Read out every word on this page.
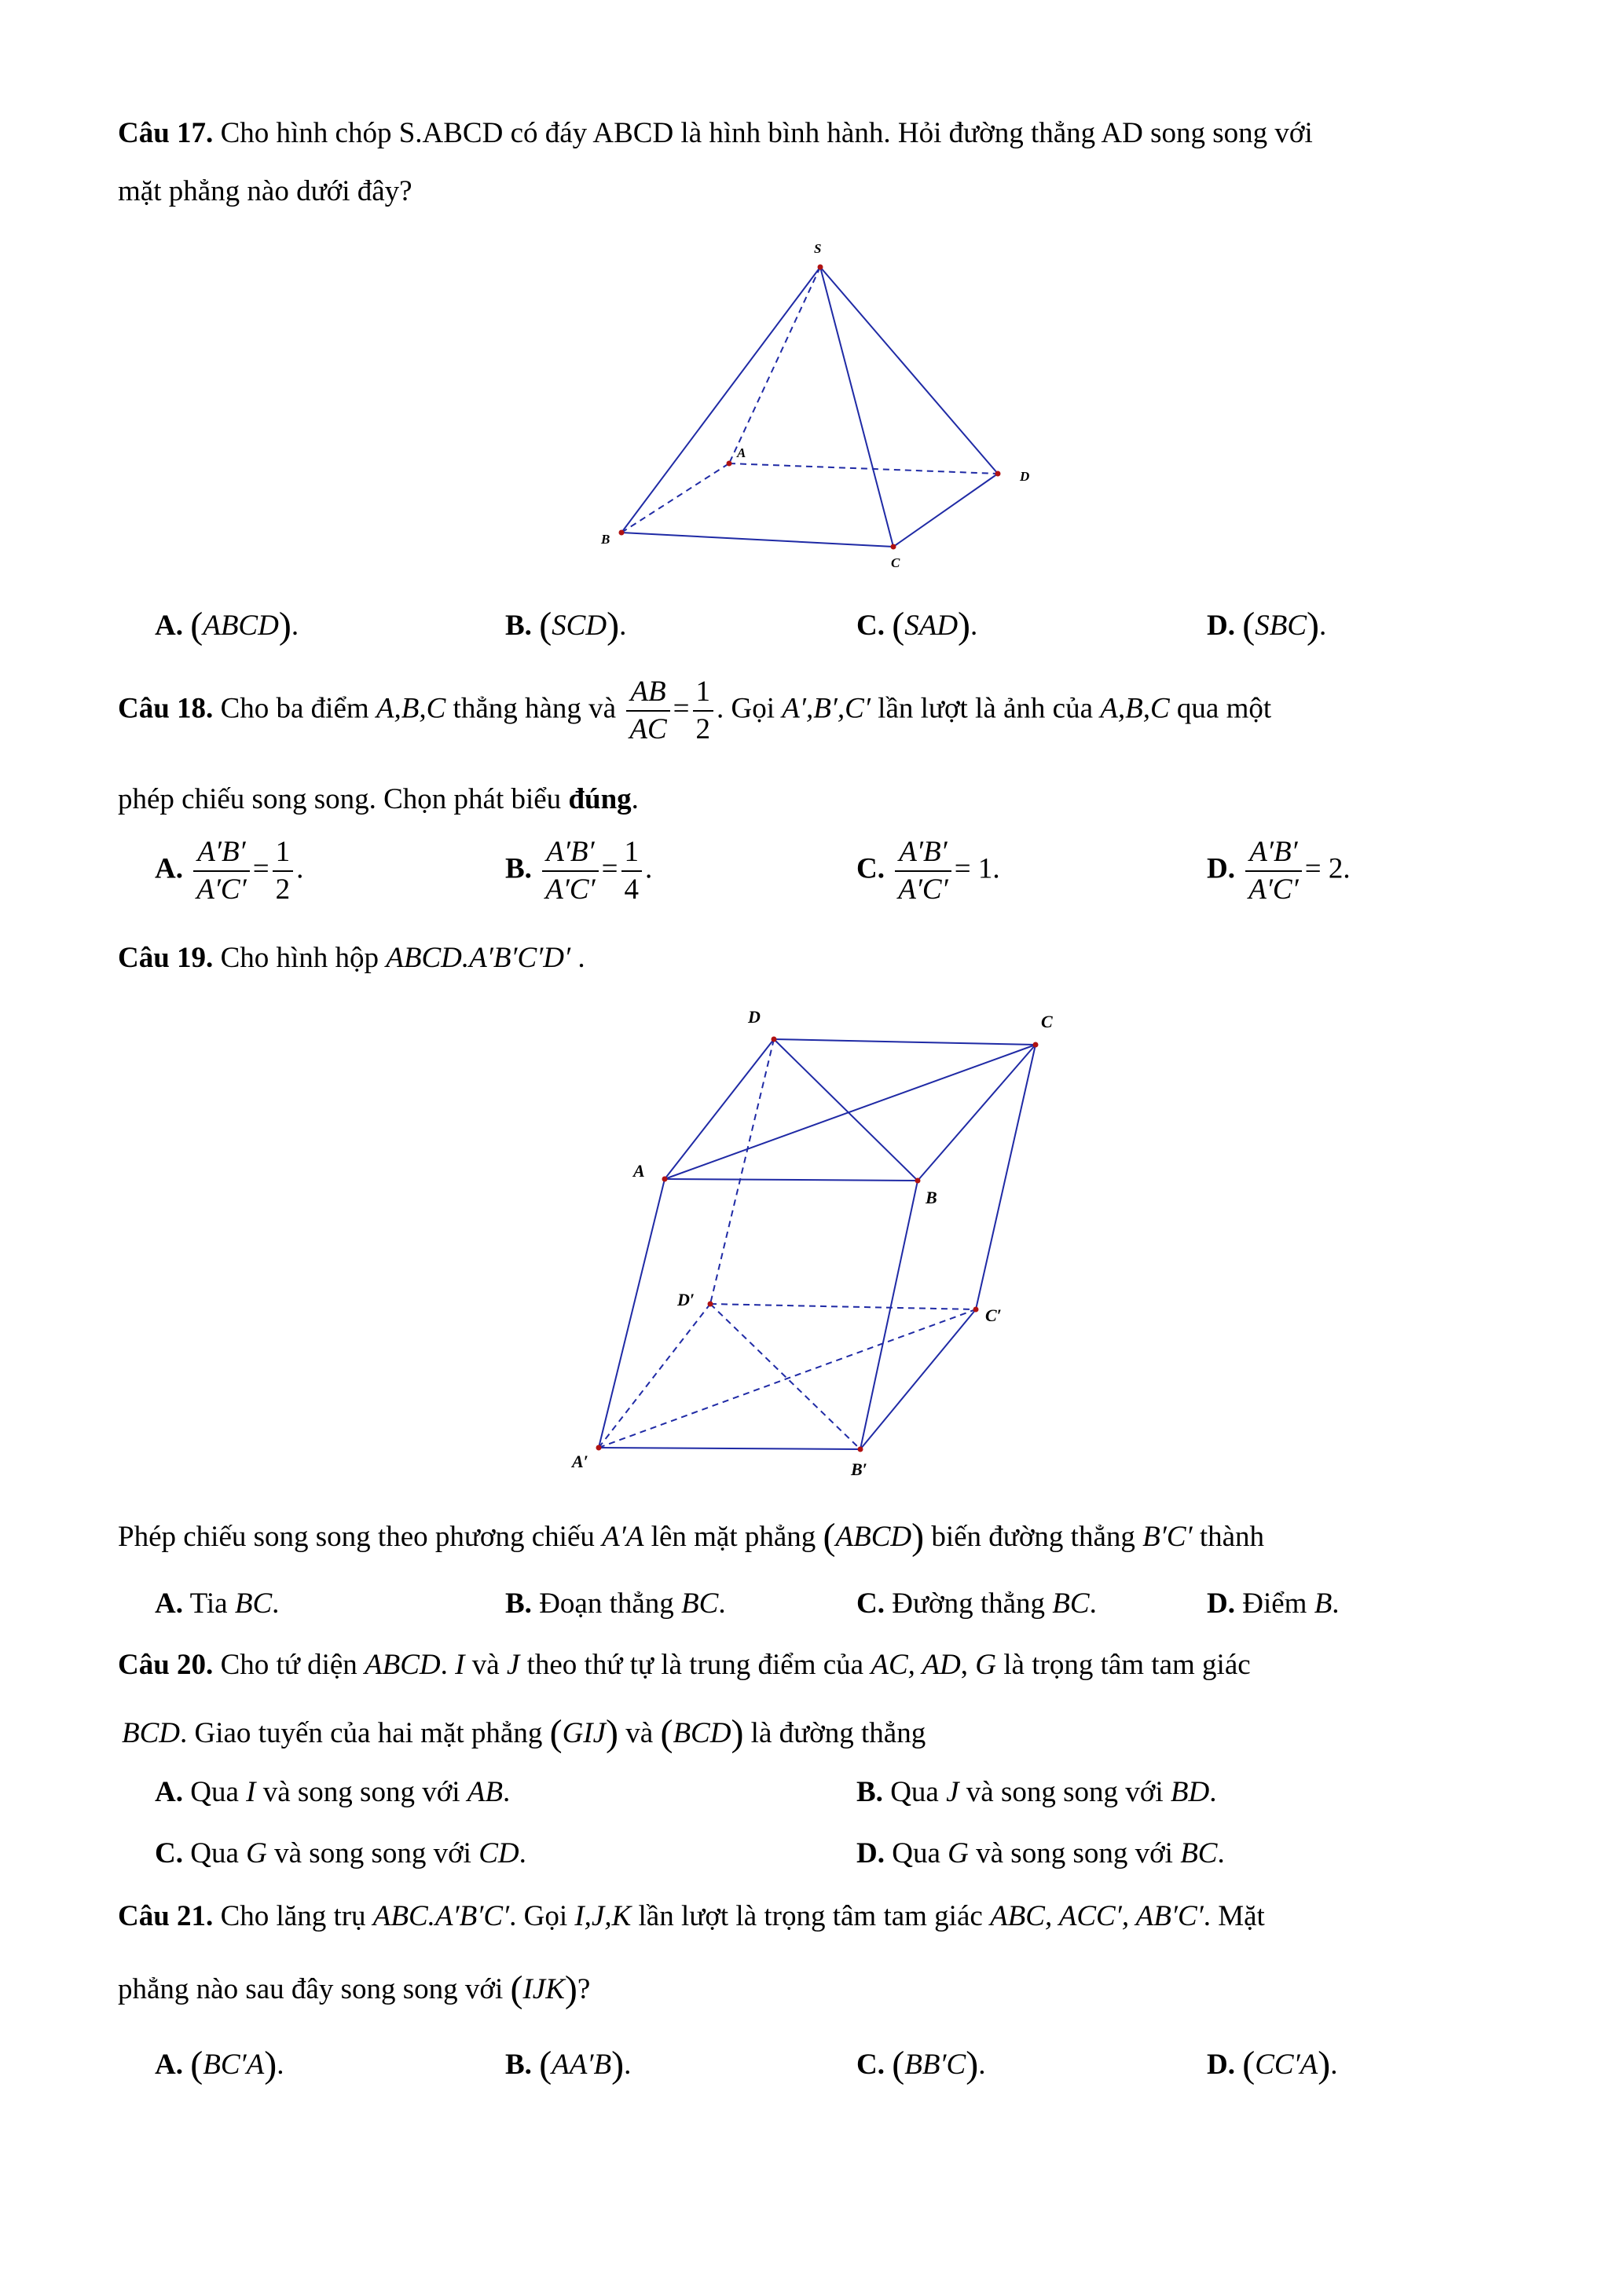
Câu 17. Cho hình chóp S.ABCD có đáy ABCD là hình bình hành. Hỏi đường thẳng AD song song với
mặt phẳng nào dưới đây?
S
A
B
C
D
A. (ABCD).	B. (SCD).	C. (SAD).	D. (SBC).
Câu 18. Cho ba điểm A,B,C thẳng hàng và $\frac{AB}{AC} = \frac{1}{2}$ . Gọi A′,B′,C′ lần lượt là ảnh của A,B,C qua một
phép chiếu song song. Chọn phát biểu đúng.
A. $\frac{A'B'}{A'C'} = \frac{1}{2}$ .	B. $\frac{A'B'}{A'C'} = \frac{1}{4}$ .	C. $\frac{A'B'}{A'C'} = 1$.	D. $\frac{A'B'}{A'C'} = 2$.
Câu 19. Cho hình hộp ABCD.A′B′C′D′ .
D	C
A
B
D′
C′
A′	B′
Phép chiếu song song theo phương chiếu A′A lên mặt phẳng (ABCD) biến đường thẳng B′C′ thành
A. Tia BC.	B. Đoạn thẳng BC.	C. Đường thẳng BC.	D. Điểm B.
Câu 20. Cho tứ diện ABCD. I và J theo thứ tự là trung điểm của AC, AD, G là trọng tâm tam giác
BCD. Giao tuyến của hai mặt phẳng (GIJ) và (BCD) là đường thẳng
A. Qua I và song song với AB.	B. Qua J và song song với BD.
C. Qua G và song song với CD.	D. Qua G và song song với BC.
Câu 21. Cho lăng trụ ABC.A′B′C′. Gọi I,J,K lần lượt là trọng tâm tam giác ABC, ACC′, AB′C′. Mặt
phẳng nào sau đây song song với (IJK)?
A. (BC′A).	B. (AA′B).	C. (BB′C).	D. (CC′A).
